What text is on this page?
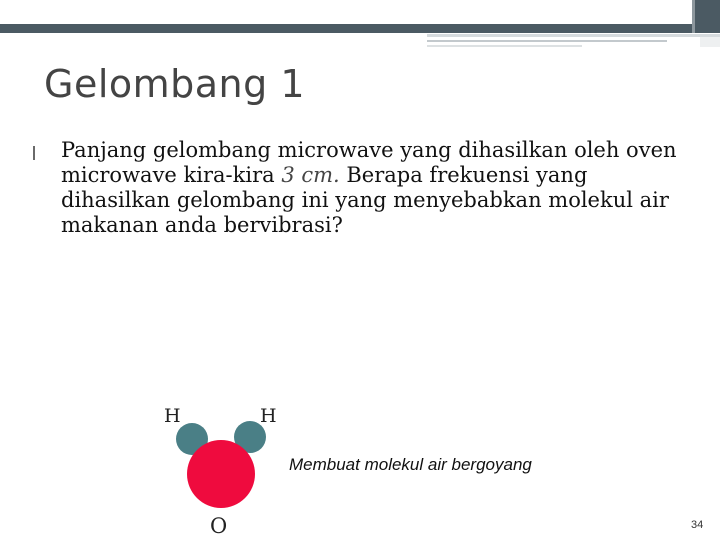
Gelombang 1

Panjang gelombang microwave yang dihasilkan oleh oven microwave kira-kira 3 cm. Berapa frekuensi yang dihasilkan gelombang ini yang menyebabkan molekul air makanan anda bervibrasi?

H	H
O
Membuat molekul air bergoyang
34
